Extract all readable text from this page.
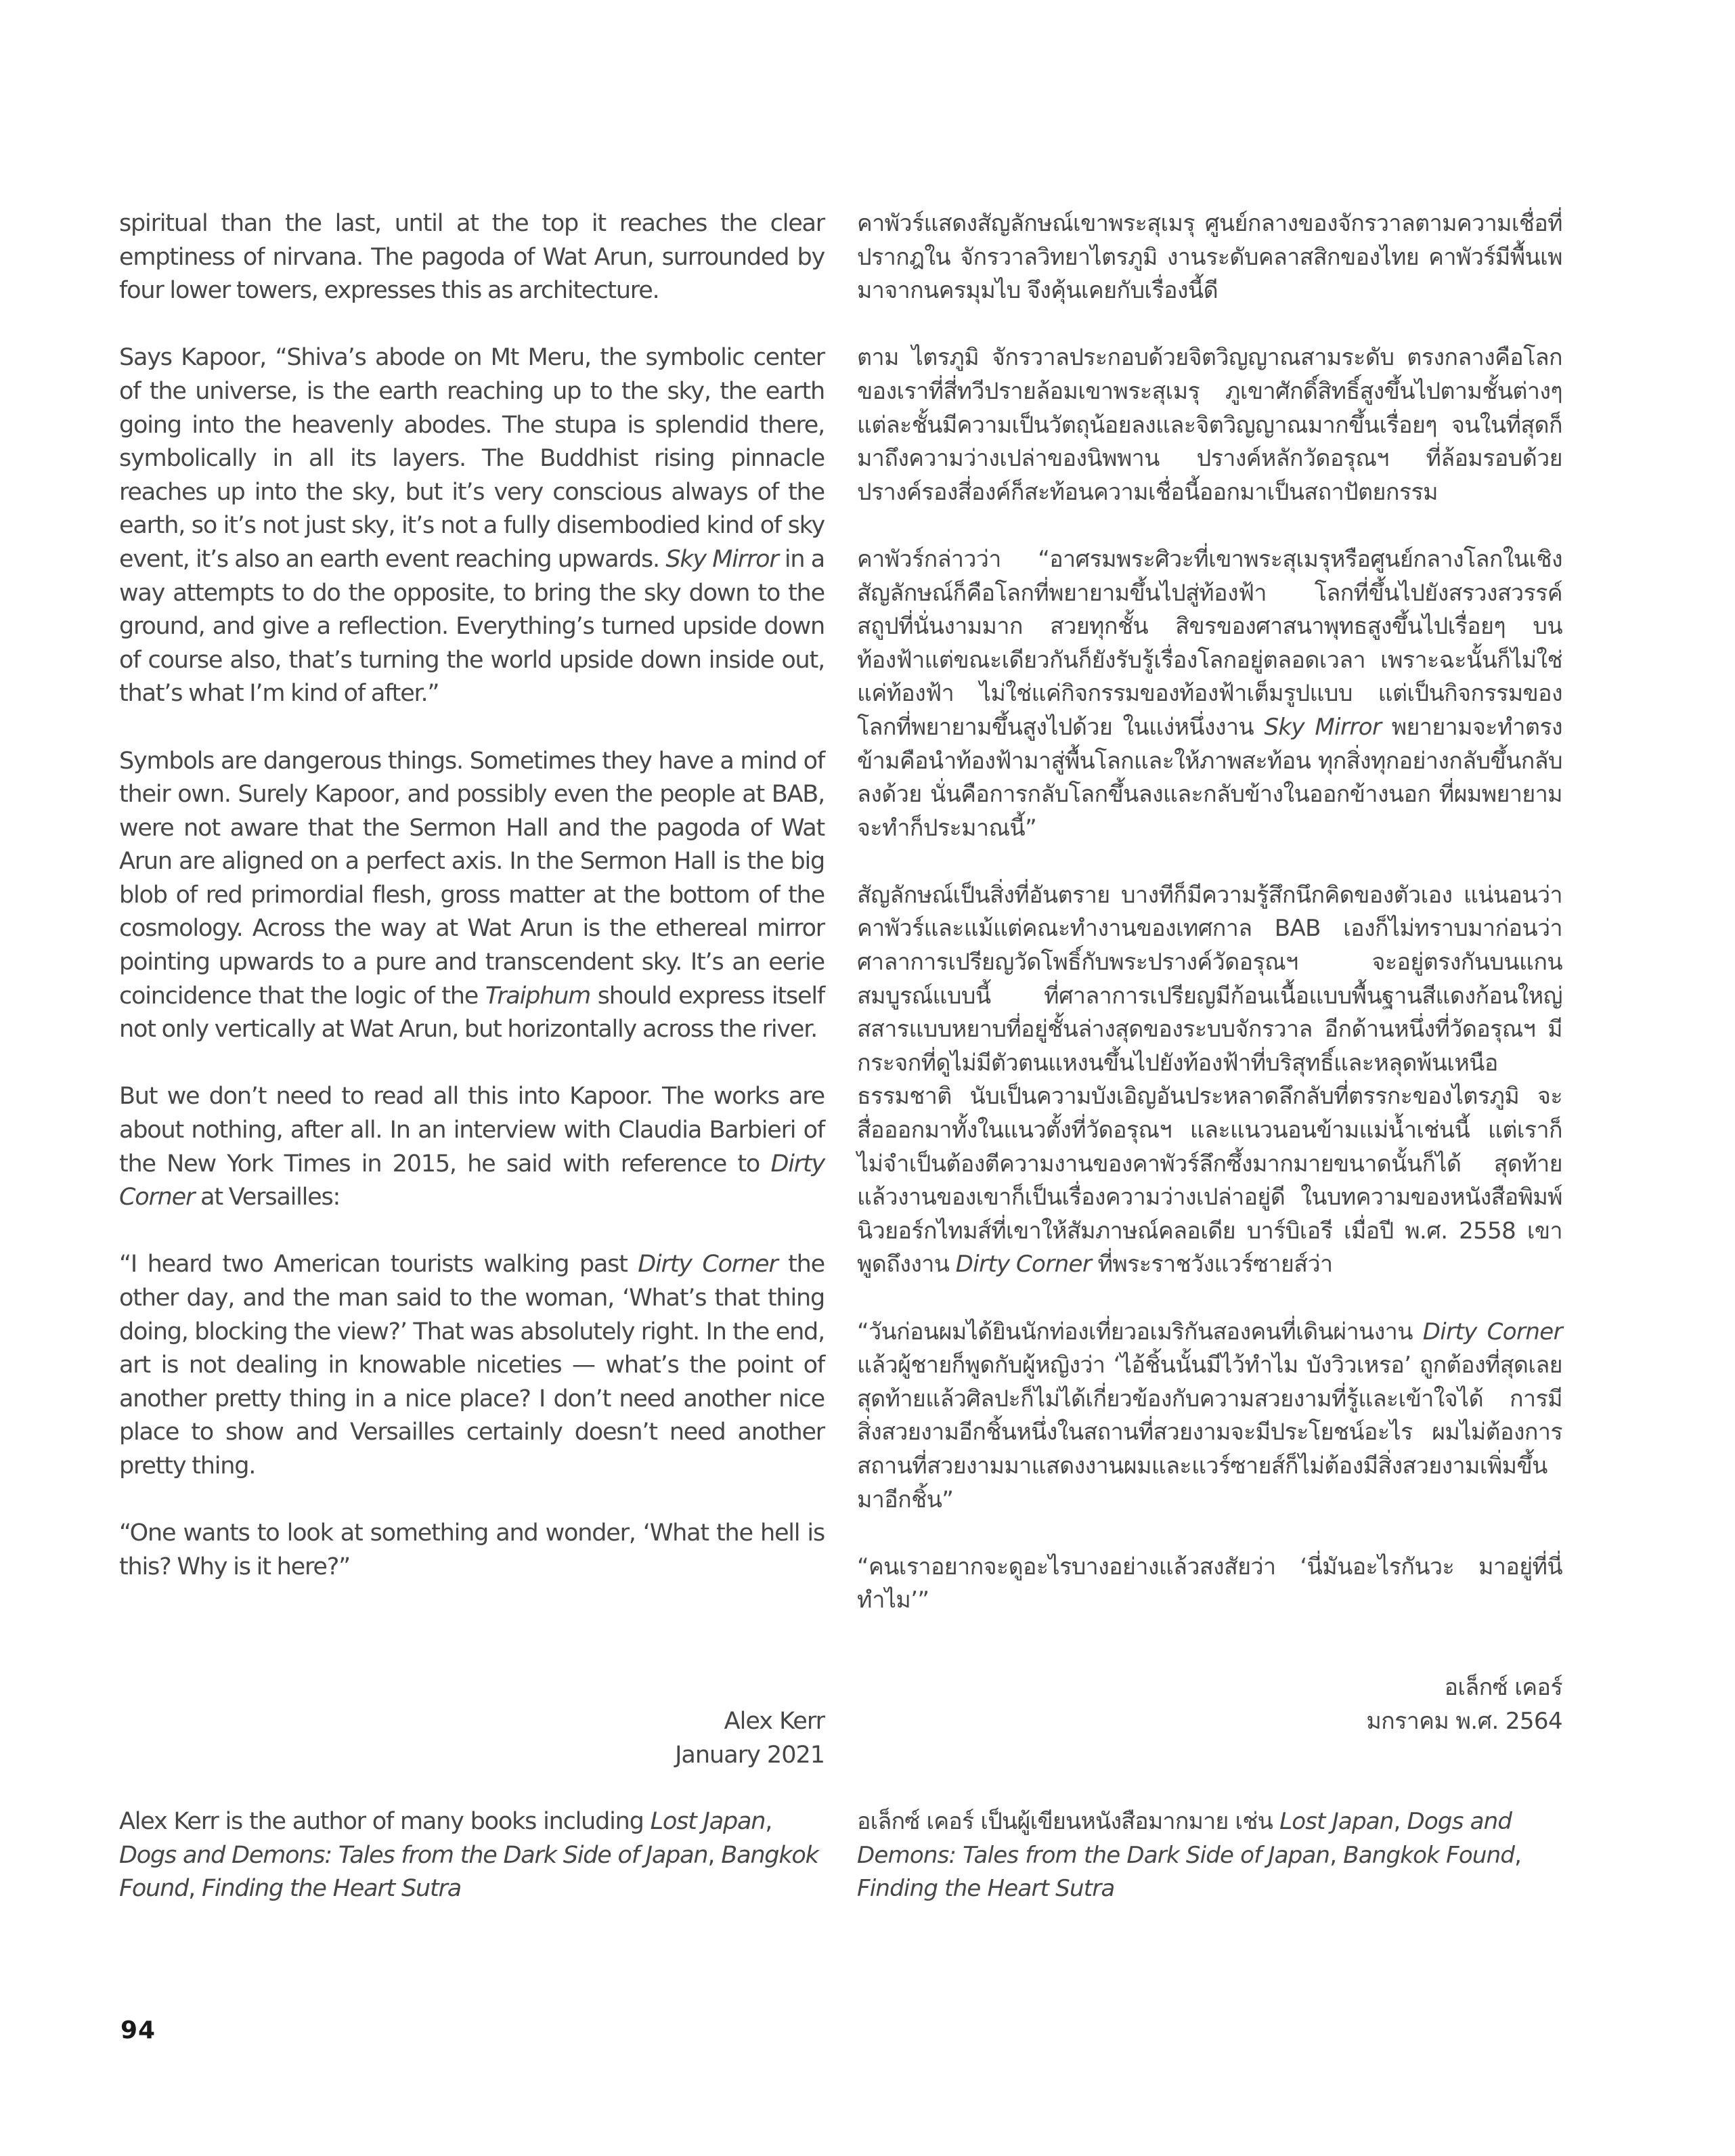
spiritual than the last, until at the top it reaches the clear emptiness of nirvana. The pagoda of Wat Arun, surrounded by four lower towers, expresses this as architecture.

Says Kapoor, “Shiva’s abode on Mt Meru, the symbolic center of the universe, is the earth reaching up to the sky, the earth going into the heavenly abodes. The stupa is splendid there, symbolically in all its layers. The Buddhist rising pinnacle reaches up into the sky, but it’s very conscious always of the earth, so it’s not just sky, it’s not a fully disembodied kind of sky event, it’s also an earth event reaching upwards. Sky Mirror in a way attempts to do the opposite, to bring the sky down to the ground, and give a reflection. Everything’s turned upside down of course also, that’s turning the world upside down inside out, that’s what I’m kind of after.”

Symbols are dangerous things. Sometimes they have a mind of their own. Surely Kapoor, and possibly even the people at BAB, were not aware that the Sermon Hall and the pagoda of Wat Arun are aligned on a perfect axis. In the Sermon Hall is the big blob of red primordial flesh, gross matter at the bottom of the cosmology. Across the way at Wat Arun is the ethereal mirror pointing upwards to a pure and transcendent sky. It’s an eerie coincidence that the logic of the Traiphum should express itself not only vertically at Wat Arun, but horizontally across the river.

But we don’t need to read all this into Kapoor. The works are about nothing, after all. In an interview with Claudia Barbieri of the New York Times in 2015, he said with reference to Dirty Corner at Versailles:

“I heard two American tourists walking past Dirty Corner the other day, and the man said to the woman, ‘What’s that thing doing, blocking the view?’ That was absolutely right. In the end, art is not dealing in knowable niceties — what’s the point of another pretty thing in a nice place? I don’t need another nice place to show and Versailles certainly doesn’t need another pretty thing.

“One wants to look at something and wonder, ‘What the hell is this? Why is it here?”

Alex Kerr
January 2021
Alex Kerr is the author of many books including Lost Japan, Dogs and Demons: Tales from the Dark Side of Japan, Bangkok Found, Finding the Heart Sutra

คาพัวร์แสดงสัญลักษณ์เขาพระสุเมรุ ศูนย์กลางของจักรวาลตามความเชื่อที่ปรากฎใน จักรวาลวิทยาไตรภูมิ งานระดับคลาสสิกของไทย คาพัวร์มีพื้นเพมาจากนครมุมไบ จึงคุ้นเคยกับเรื่องนี้ดี

ตาม ไตรภูมิ จักรวาลประกอบด้วยจิตวิญญาณสามระดับ ตรงกลางคือโลกของเราที่สี่ทวีปรายล้อมเขาพระสุเมรุ ภูเขาศักดิ์สิทธิ์สูงขึ้นไปตามชั้นต่างๆ แต่ละชั้นมีความเป็นวัตถุน้อยลงและจิตวิญญาณมากขึ้นเรื่อยๆ จนในที่สุดก็มาถึงความว่างเปล่าของนิพพาน ปรางค์หลักวัดอรุณฯ ที่ล้อมรอบด้วยปรางค์รองสี่องค์ก็สะท้อนความเชื่อนี้ออกมาเป็นสถาปัตยกรรม

คาพัวร์กล่าวว่า “อาศรมพระศิวะที่เขาพระสุเมรุหรือศูนย์กลางโลกในเชิงสัญลักษณ์ก็คือโลกที่พยายามขึ้นไปสู่ท้องฟ้า โลกที่ขึ้นไปยังสรวงสวรรค์ สถูปที่นั่นงามมาก สวยทุกชั้น สิขรของศาสนาพุทธสูงขึ้นไปเรื่อยๆ บนท้องฟ้าแต่ขณะเดียวกันก็ยังรับรู้เรื่องโลกอยู่ตลอดเวลา เพราะฉะนั้นก็ไม่ใช่แค่ท้องฟ้า ไม่ใช่แค่กิจกรรมของท้องฟ้าเต็มรูปแบบ แต่เป็นกิจกรรมของโลกที่พยายามขึ้นสูงไปด้วย ในแง่หนึ่งงาน Sky Mirror พยายามจะทำตรงข้ามคือนำท้องฟ้ามาสู่พื้นโลกและให้ภาพสะท้อน ทุกสิ่งทุกอย่างกลับขึ้นกลับลงด้วย นั่นคือการกลับโลกขึ้นลงและกลับข้างในออกข้างนอก ที่ผมพยายามจะทำก็ประมาณนี้”

สัญลักษณ์เป็นสิ่งที่อันตราย บางทีก็มีความรู้สึกนึกคิดของตัวเอง แน่นอนว่าคาพัวร์และแม้แต่คณะทำงานของเทศกาล BAB เองก็ไม่ทราบมาก่อนว่าศาลาการเปรียญวัดโพธิ์กับพระปรางค์วัดอรุณฯ จะอยู่ตรงกันบนแกนสมบูรณ์แบบนี้ ที่ศาลาการเปรียญมีก้อนเนื้อแบบพื้นฐานสีแดงก้อนใหญ่สสารแบบหยาบที่อยู่ชั้นล่างสุดของระบบจักรวาล อีกด้านหนึ่งที่วัดอรุณฯ มีกระจกที่ดูไม่มีตัวตนแหงนขึ้นไปยังท้องฟ้าที่บริสุทธิ์และหลุดพ้นเหนือธรรมชาติ นับเป็นความบังเอิญอันประหลาดลึกลับที่ตรรกะของไตรภูมิ จะสื่อออกมาทั้งในแนวตั้งที่วัดอรุณฯ และแนวนอนข้ามแม่น้ำเช่นนี้ แต่เราก็ไม่จำเป็นต้องตีความงานของคาพัวร์ลึกซึ้งมากมายขนาดนั้นก็ได้ สุดท้ายแล้วงานของเขาก็เป็นเรื่องความว่างเปล่าอยู่ดี ในบทความของหนังสือพิมพ์นิวยอร์กไทมส์ที่เขาให้สัมภาษณ์คลอเดีย บาร์บิเอรี เมื่อปี พ.ศ. 2558 เขาพูดถึงงาน Dirty Corner ที่พระราชวังแวร์ซายส์ว่า

“วันก่อนผมได้ยินนักท่องเที่ยวอเมริกันสองคนที่เดินผ่านงาน Dirty Corner แล้วผู้ชายก็พูดกับผู้หญิงว่า ‘ไอ้ชิ้นนั้นมีไว้ทำไม บังวิวเหรอ’ ถูกต้องที่สุดเลย สุดท้ายแล้วศิลปะก็ไม่ได้เกี่ยวข้องกับความสวยงามที่รู้และเข้าใจได้ การมีสิ่งสวยงามอีกชิ้นหนึ่งในสถานที่สวยงามจะมีประโยชน์อะไร ผมไม่ต้องการสถานที่สวยงามมาแสดงงานผมและแวร์ซายส์ก็ไม่ต้องมีสิ่งสวยงามเพิ่มขึ้นมาอีกชิ้น”

“คนเราอยากจะดูอะไรบางอย่างแล้วสงสัยว่า ‘นี่มันอะไรกันวะ มาอยู่ที่นี่ทำไม’”

อเล็กซ์ เคอร์
มกราคม พ.ศ. 2564
อเล็กซ์ เคอร์ เป็นผู้เขียนหนังสือมากมาย เช่น Lost Japan, Dogs and Demons: Tales from the Dark Side of Japan, Bangkok Found, Finding the Heart Sutra
94
